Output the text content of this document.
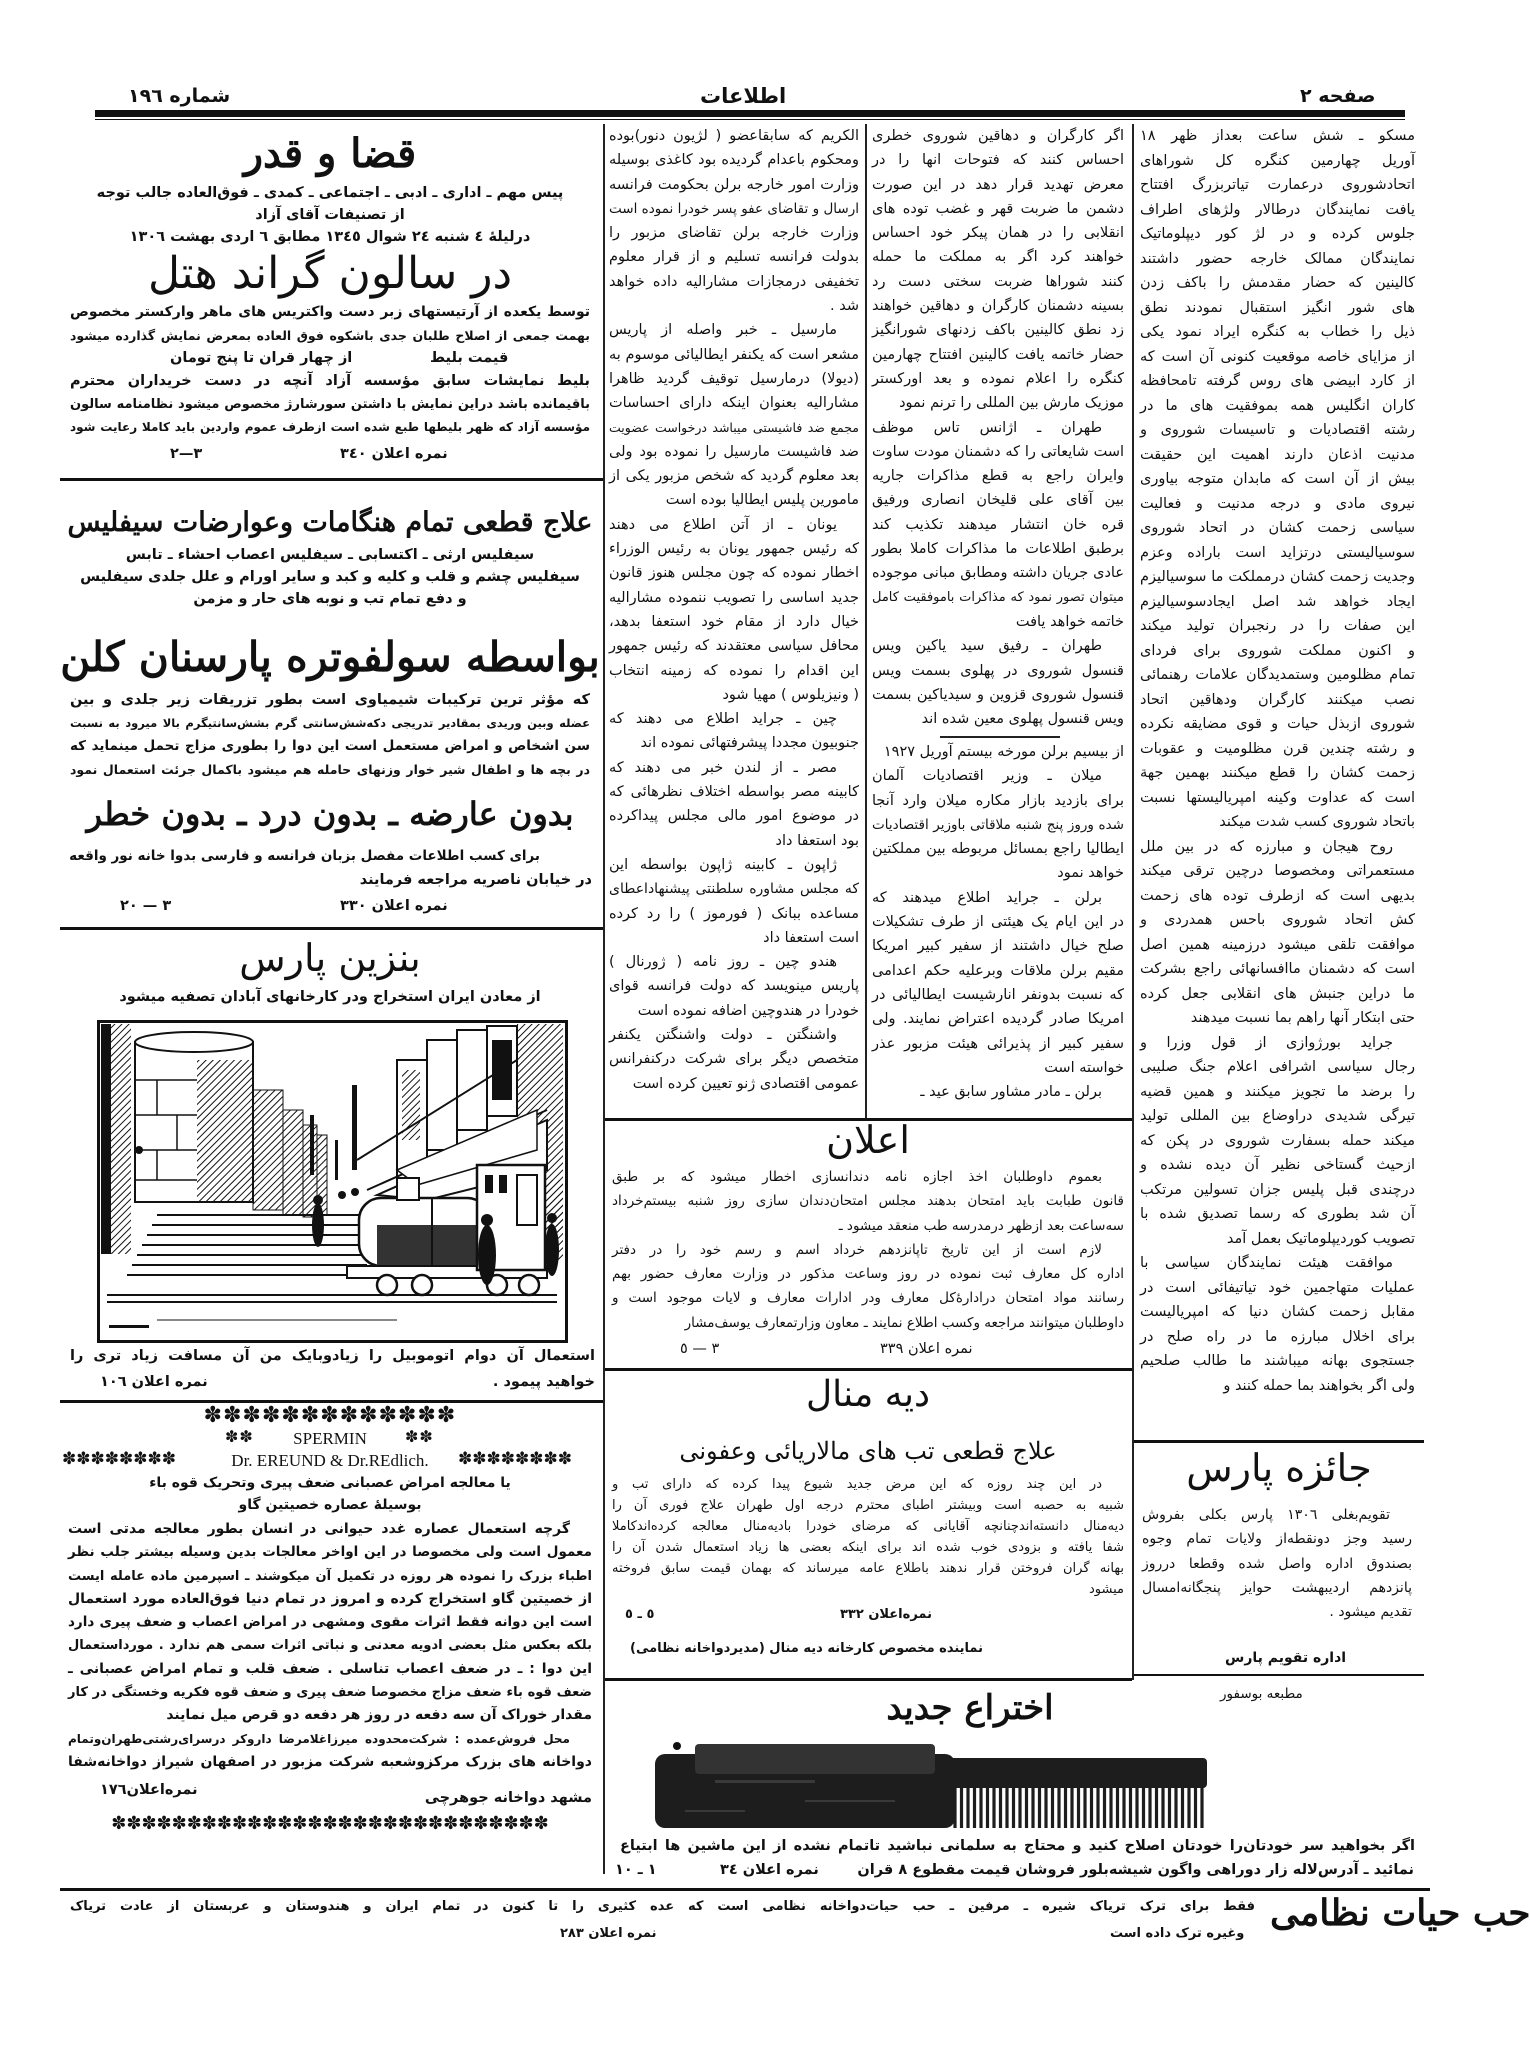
شماره ۱۹٦	اطلاعات	صفحه ۲
قضا و قدر
پیس مهم ـ اداری ـ ادبی ـ اجتماعی ـ کمدی ـ فوق‌العاده جالب توجه
از تصنیفات آقای آزاد
درلیلهٔ ٤ شنبه ٢٤ شوال ١٣٤٥ مطابق ٦ اردی بهشت ١٣٠٦
در سالون گراند هتل
توسط یکعده از آرتیستهای زبر دست واکتریس های ماهر وارکستر مخصوص
بهمت جمعی از اصلاح طلبان جدی باشکوه فوق العاده بمعرض نمایش گذارده میشود
قیمت بلیط
از چهار قران تا پنج تومان
بلیط نمایشات سابق مؤسسه آزاد آنچه در دست خریداران محترم
باقیمانده باشد دراین نمایش با داشتن سورشارژ مخصوص میشود نظامنامه سالون
مؤسسه آزاد که ظهر بلیطها طبع شده است ازطرف عموم واردین باید کاملا رعایت شود
نمره اعلان ۳٤۰
۳—۲
علاج قطعی تمام هنگامات وعوارضات سیفلیس
سیفلیس ارثی ـ اکتسابی ـ سیفلیس اعصاب احشاء ـ تابس
سیفلیس چشم و قلب و کلیه و کبد و سایر اورام و علل جلدی سیفلیس
و دفع تمام تب و نوبه های حار و مزمن
بواسطه سولفوتره پارسنان کلن
که مؤثر ترین ترکیبات شیمیاوی است بطور تزریقات زیر جلدی و بین
عضله وبین وریدی بمقادیر تدریجی دکه‌شش‌سانتی گرم بشش‌سانتیگرم بالا میرود به نسبت
سن اشخاص و امراض مستعمل است این دوا را بطوری مزاج تحمل مینماید که
در بچه ها و اطفال شیر خوار وزنهای حامله هم میشود باکمال جرئت استعمال نمود
بدون عارضه ـ بدون درد ـ بدون خطر
برای کسب اطلاعات مفصل بزبان فرانسه و فارسی بدوا خانه نور واقعه
در خیابان ناصریه مراجعه فرمایند
نمره اعلان ۳۳۰
۳ — ۲۰
بنزین پارس
از معادن ایران استخراج ودر کارخانهای آبادان تصفیه میشود
استعمال آن دوام اتوموبیل را زیادوبایک من آن مسافت زیاد تری را
خواهید پیمود .
نمره اعلان ۱۰٦
✽✽✽✽✽✽✽✽✽✽✽✽✽
✽✽ SPERMIN ✽✽
✽✽✽✽✽✽✽✽	Dr. EREUND & Dr.REdlich. ✽✽✽✽✽✽✽✽
یا معالجه امراض عصبانی ضعف پیری وتحریک قوه باء
بوسیلهٔ عصاره خصیتین گاو
گرچه استعمال عصاره غدد حیوانی در انسان بطور معالجه مدتی است
معمول است ولی مخصوصا در این اواخر معالجات بدین وسیله بیشتر جلب نظر
اطباء بزرک را نموده هر روزه در تکمیل آن میکوشند ـ اسپرمین ماده عامله ایست
از خصیتین گاو استخراج کرده و امروز در تمام دنیا فوق‌العاده مورد استعمال
است این دوانه فقط اثرات مقوی ومشهی در امراض اعصاب و ضعف پیری دارد
بلکه بعکس مثل بعضی ادویه معدنی و نباتی اثرات سمی هم ندارد . مورداستعمال
این دوا : ـ در ضعف اعصاب تناسلی . ضعف قلب و تمام امراض عصبانی ـ
ضعف قوه باء ضعف مزاج مخصوصا ضعف پیری و ضعف قوه فکریه وخستگی در کار
مقدار خوراک آن سه دفعه در روز هر دفعه دو قرص میل نمایند
محل فروش‌عمده : شرکت‌محدوده میرزاغلامرضا داروکر درسرای‌رشتی‌طهران‌وتمام
دواخانه های بزرک مرکزوشعبه شرکت مزبور در اصفهان شیراز دواخانه‌شفا
مشهد دواخانه جوهرچی
نمره‌اعلان‌۱۷٦
✽✽✽✽✽✽✽✽✽✽✽✽✽✽✽✽✽✽✽✽✽✽✽✽✽✽✽✽✽
الکریم که سابقاعضو ( لژیون دنور)بوده
ومحکوم باعدام گردیده بود کاغذی بوسیله
وزارت امور خارجه برلن بحکومت فرانسه
ارسال و تقاضای عفو پسر خودرا نموده است
وزارت خارجه برلن تقاضای مزبور را
بدولت فرانسه تسلیم و از قرار معلوم
تخفیفی درمجازات مشارالیه داده خواهد
شد .
مارسیل ـ خبر واصله از پاریس
مشعر است که یکنفر ایطالیائی موسوم به
(دیولا) درمارسیل توقیف گردید ظاهرا
مشارالیه بعنوان اینکه دارای احساسات
مجمع ضد فاشیستی میباشد درخواست عضویت
ضد فاشیست مارسیل را نموده بود ولی
بعد معلوم گردید که شخص مزبور یکی از
مامورین پلیس ایطالیا بوده است
یونان ـ از آتن اطلاع می دهند
که رئیس جمهور یونان به رئیس الوزراء
اخطار نموده که چون مجلس هنوز قانون
جدید اساسی را تصویب ننموده مشارالیه
خیال دارد از مقام خود استعفا بدهد،
محافل سیاسی معتقدند که رئیس جمهور
این اقدام را نموده که زمینه انتخاب
( ونیزیلوس ) مهیا شود
چین ـ جراید اطلاع می دهند که
جنوبیون مجددا پیشرفتهائی نموده اند
مصر ـ از لندن خبر می دهند که
کابینه مصر بواسطه اختلاف نظرهائی که
در موضوع امور مالی مجلس پیداکرده
بود استعفا داد
ژاپون ـ کابینه ژاپون بواسطه این
که مجلس مشاوره سلطنتی پیشنهاداعطای
مساعده ببانک ( فورموز ) را رد کرده
است استعفا داد
هندو چین ـ روز نامه ( ژورنال )
پاریس مینویسد که دولت فرانسه قوای
خودرا در هندوچین اضافه نموده است
واشنگتن ـ دولت واشنگتن یکنفر
متخصص دیگر برای شرکت درکنفرانس
عمومی اقتصادی ژنو تعیین کرده است
اگر کارگران و دهاقین شوروی خطری
احساس کنند که فتوحات انها را در
معرض تهدید قرار دهد در این صورت
دشمن ما ضربت قهر و غضب توده های
انقلابی را در همان پیکر خود احساس
خواهند کرد اگر به مملکت ما حمله
کنند شوراها ضربت سختی دست رد
بسینه دشمنان کارگران و دهاقین خواهند
زد نطق کالینین باکف زدنهای شورانگیز
حضار خاتمه یافت کالینین افتتاح چهارمین
کنگره را اعلام نموده و بعد اورکستر
موزیک مارش بین المللی را ترنم نمود
طهران ـ اژانس تاس موظف
است شایعاتی را که دشمنان مودت ساوت
وایران راجع به قطع مذاکرات جاریه
بین آقای علی قلیخان انصاری ورفیق
قره خان انتشار میدهند تکذیب کند
برطبق اطلاعات ما مذاکرات کاملا بطور
عادی جریان داشته ومطابق مبانی موجوده
میتوان تصور نمود که مذاکرات باموفقیت کامل
خاتمه خواهد یافت
طهران ـ رفیق سید یاکین ویس
قنسول شوروی در پهلوی بسمت ویس
قنسول شوروی قزوین و سیدیاکین بسمت
ویس قنسول پهلوی معین شده اند
از بیسیم برلن مورخه بیستم آوریل ۱۹۲۷
میلان ـ وزیر اقتصادیات آلمان
برای بازدید بازار مکاره میلان وارد آنجا
شده وروز پنج شنبه ملاقاتی باوزیر اقتصادیات
ایطالیا راجع بمسائل مربوطه بین مملکتین
خواهد نمود
برلن ـ جراید اطلاع میدهند که
در این ایام یک هیئتی از طرف تشکیلات
صلح خیال داشتند از سفیر کبیر امریکا
مقیم برلن ملاقات وبرعلیه حکم اعدامی
که نسبت بدونفر انارشیست ایطالیائی در
امریکا صادر گردیده اعتراض نمایند. ولی
سفیر کبیر از پذیرائی هیئت مزبور عذر
خواسته است
برلن ـ مادر مشاور سابق عید ـ
مسکو ـ شش ساعت بعداز ظهر ۱۸
آوریل چهارمین کنگره کل شوراهای
اتحادشوروی درعمارت تیاتربزرگ افتتاح
یافت نمایندگان درطالار ولژهای اطراف
جلوس کرده و در لژ کور دیپلوماتیک
نمایندگان ممالک خارجه حضور داشتند
کالینین که حضار مقدمش را باکف زدن
های شور انگیز استقبال نمودند نطق
ذیل را خطاب به کنگره ایراد نمود یکی
از مزایای خاصه موقعیت کنونی آن است که
از کارد ابیضی های روس گرفته تامحافظه
کاران انگلیس همه بموفقیت های ما در
رشته اقتصادیات و تاسیسات شوروی و
مدنیت اذعان دارند اهمیت این حقیقت
بیش از آن است که مابدان متوجه بیاوری
نیروی مادی و درجه مدنیت و فعالیت
سیاسی زحمت کشان در اتحاد شوروی
سوسیالیستی درتزاید است باراده وعزم
وجدیت زحمت کشان درمملکت ما سوسیالیزم
ایجاد خواهد شد اصل ایجادسوسیالیزم
این صفات را در رنجبران تولید میکند
و اکنون مملکت شوروی برای فردای
تمام مظلومین وستمدیدگان علامات رهنمائی
نصب میکنند کارگران ودهاقین اتحاد
شوروی ازبذل حیات و قوی مضایقه نکرده
و رشته چندین قرن مظلومیت و عقوبات
زحمت کشان را قطع میکنند بهمین جهة
است که عداوت وکینه امپریالیستها نسبت
باتحاد شوروی کسب شدت میکند
روح هیجان و مبارزه که در بین ملل
مستعمراتی ومخصوصا درچین ترقی میکند
بدیهی است که ازطرف توده های زحمت
کش اتحاد شوروی باحس همدردی و
موافقت تلقی میشود درزمینه همین اصل
است که دشمنان ماافسانهائی راجع بشرکت
ما دراین جنبش های انقلابی جعل کرده
حتی ابتکار آنها راهم بما نسبت میدهند
جراید بورژوازی از قول وزرا و
رجال سیاسی اشرافی اعلام جنگ صلیبی
را برضد ما تجویز میکنند و همین قضیه
تیرگی شدیدی دراوضاع بین المللی تولید
میکند حمله بسفارت شوروی در پکن که
ازحیث گستاخی نظیر آن دیده نشده و
درچندی قبل پلیس جزان تسولین مرتکب
آن شد بطوری که رسما تصدیق شده با
تصویب کوردیپلوماتیک بعمل آمد
موافقت هیئت نمایندگان سیاسی با
عملیات متهاجمین خود تیاتیفائی است در
مقابل زحمت کشان دنیا که امپریالیست
برای اخلال مبارزه ما در راه صلح در
جستجوی بهانه میباشند ما طالب صلحیم
ولی اگر بخواهند بما حمله کنند و
اعلان
بعموم داوطلبان اخذ اجازه نامه دندانسازی اخطار میشود که بر طبق
قانون طبابت باید امتحان بدهند مجلس امتحان‌دندان سازی روز شنبه بیستم‌خرداد
سه‌ساعت بعد ازظهر درمدرسه طب منعقد میشود ـ
لازم است از این تاریخ تاپانزدهم خرداد اسم و رسم خود را در دفتر
اداره کل معارف ثبت نموده در روز وساعت مذکور در وزارت معارف حضور بهم
رسانند مواد امتحان درادارهٔ‌کل معارف ودر ادارات معارف و لایات موجود است و
داوطلبان میتوانند مراجعه وکسب اطلاع نمایند ـ معاون وزارتمعارف یوسف‌مشار
نمره اعلان ۳۳۹
۳ — ٥
دیه منال
علاج قطعی تب های مالاریائی وعفونی
در این چند روزه که این مرض جدید شیوع پیدا کرده که دارای تب و
شبیه به حصبه است وبیشتر اطبای محترم درجه اول طهران علاج فوری آن را
دیه‌منال دانسته‌اندچنانچه آقایانی که مرضای خودرا بادیه‌منال معالجه کرده‌اندکاملا
شفا یافته و بزودی خوب شده اند برای اینکه بعضی ها زیاد استعمال شدن آن را
بهانه گران فروختن قرار ندهند باطلاع عامه میرساند که بهمان قیمت سابق فروخته
میشود
نمره‌اعلان ۳۳۲
٥ ـ ٥
نماینده مخصوص کارخانه دیه منال (مدیردواخانه نظامی)
جائزه پارس
تقویم‌بغلی ۱۳۰٦ پارس بکلی بفروش
رسید وجز دونقطه‌از ولایات تمام وجوه
بصندوق اداره واصل شده وقطعا درروز
پانزدهم اردیبهشت حوایز پنجگانه‌امسال
تقدیم میشود .
اداره تقویم پارس
مطبعه بوسفور
اختراع جدید
اگر بخواهید سر خودتان‌را خودتان اصلاح کنید و محتاج به سلمانی نباشید تاتمام نشده از این ماشین ها ابتیاع
نمائید ـ آدرس‌لاله زار دوراهی واگون شیشه‌بلور فروشان قیمت مقطوع ۸ قران
نمره اعلان ۳٤
۱ ـ ۱۰
حب حیات نظامی
فقط برای ترک تریاک شیره ـ مرفین ـ حب حیات‌دواخانه نظامی است که عده کثیری را تا کنون در تمام ایران و هندوستان و عربستان از عادت تریاک
وغیره ترک داده است
نمره اعلان ۲۸۳
